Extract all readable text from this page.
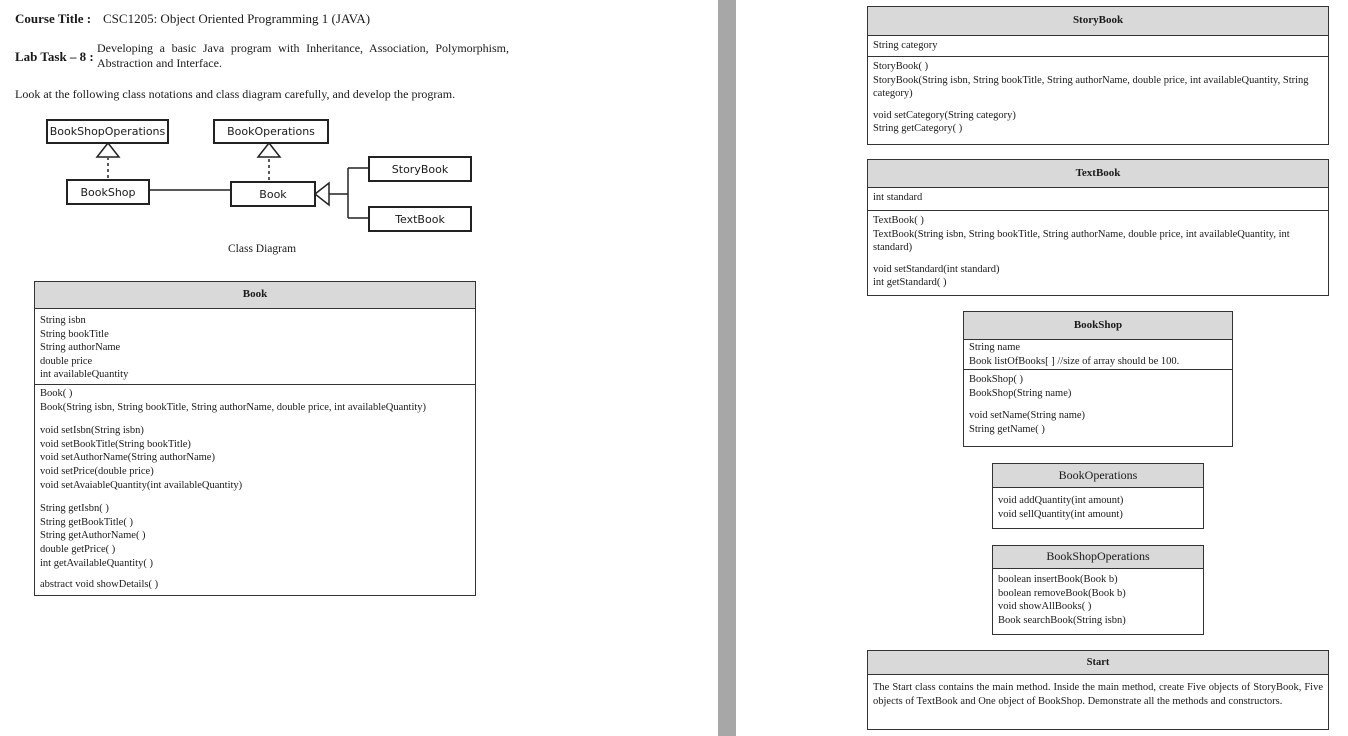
Course Title : CSC1205: Object Oriented Programming 1 (JAVA)
Lab Task – 8 :
Developing a basic Java program with Inheritance, Association, Polymorphism, Abstraction and Interface.
Look at the following class notations and class diagram carefully, and develop the program.
BookShopOperations	BookOperations
BookShop	Book
StoryBook
TextBook
Class Diagram
Book
String isbn
String bookTitle
String authorName
double price
int availableQuantity
Book( )
Book(String isbn, String bookTitle, String authorName, double price, int availableQuantity)
void setIsbn(String isbn)
void setBookTitle(String bookTitle)
void setAuthorName(String authorName)
void setPrice(double price)
void setAvaiableQuantity(int availableQuantity)
String getIsbn( )
String getBookTitle( )
String getAuthorName( )
double getPrice( )
int getAvailableQuantity( )
abstract void showDetails( )
StoryBook
String category
StoryBook( )
StoryBook(String isbn, String bookTitle, String authorName, double price, int availableQuantity, String category)
void setCategory(String category)
String getCategory( )
TextBook
int standard
TextBook( )
TextBook(String isbn, String bookTitle, String authorName, double price, int availableQuantity, int standard)
void setStandard(int standard)
int getStandard( )
BookShop
String name
Book listOfBooks[ ] //size of array should be 100.
BookShop( )
BookShop(String name)
void setName(String name)
String getName( )
BookOperations
void addQuantity(int amount)
void sellQuantity(int amount)
BookShopOperations
boolean insertBook(Book b)
boolean removeBook(Book b)
void showAllBooks( )
Book searchBook(String isbn)
Start
The Start class contains the main method. Inside the main method, create Five objects of StoryBook, Five objects of TextBook and One object of BookShop. Demonstrate all the methods and constructors.
